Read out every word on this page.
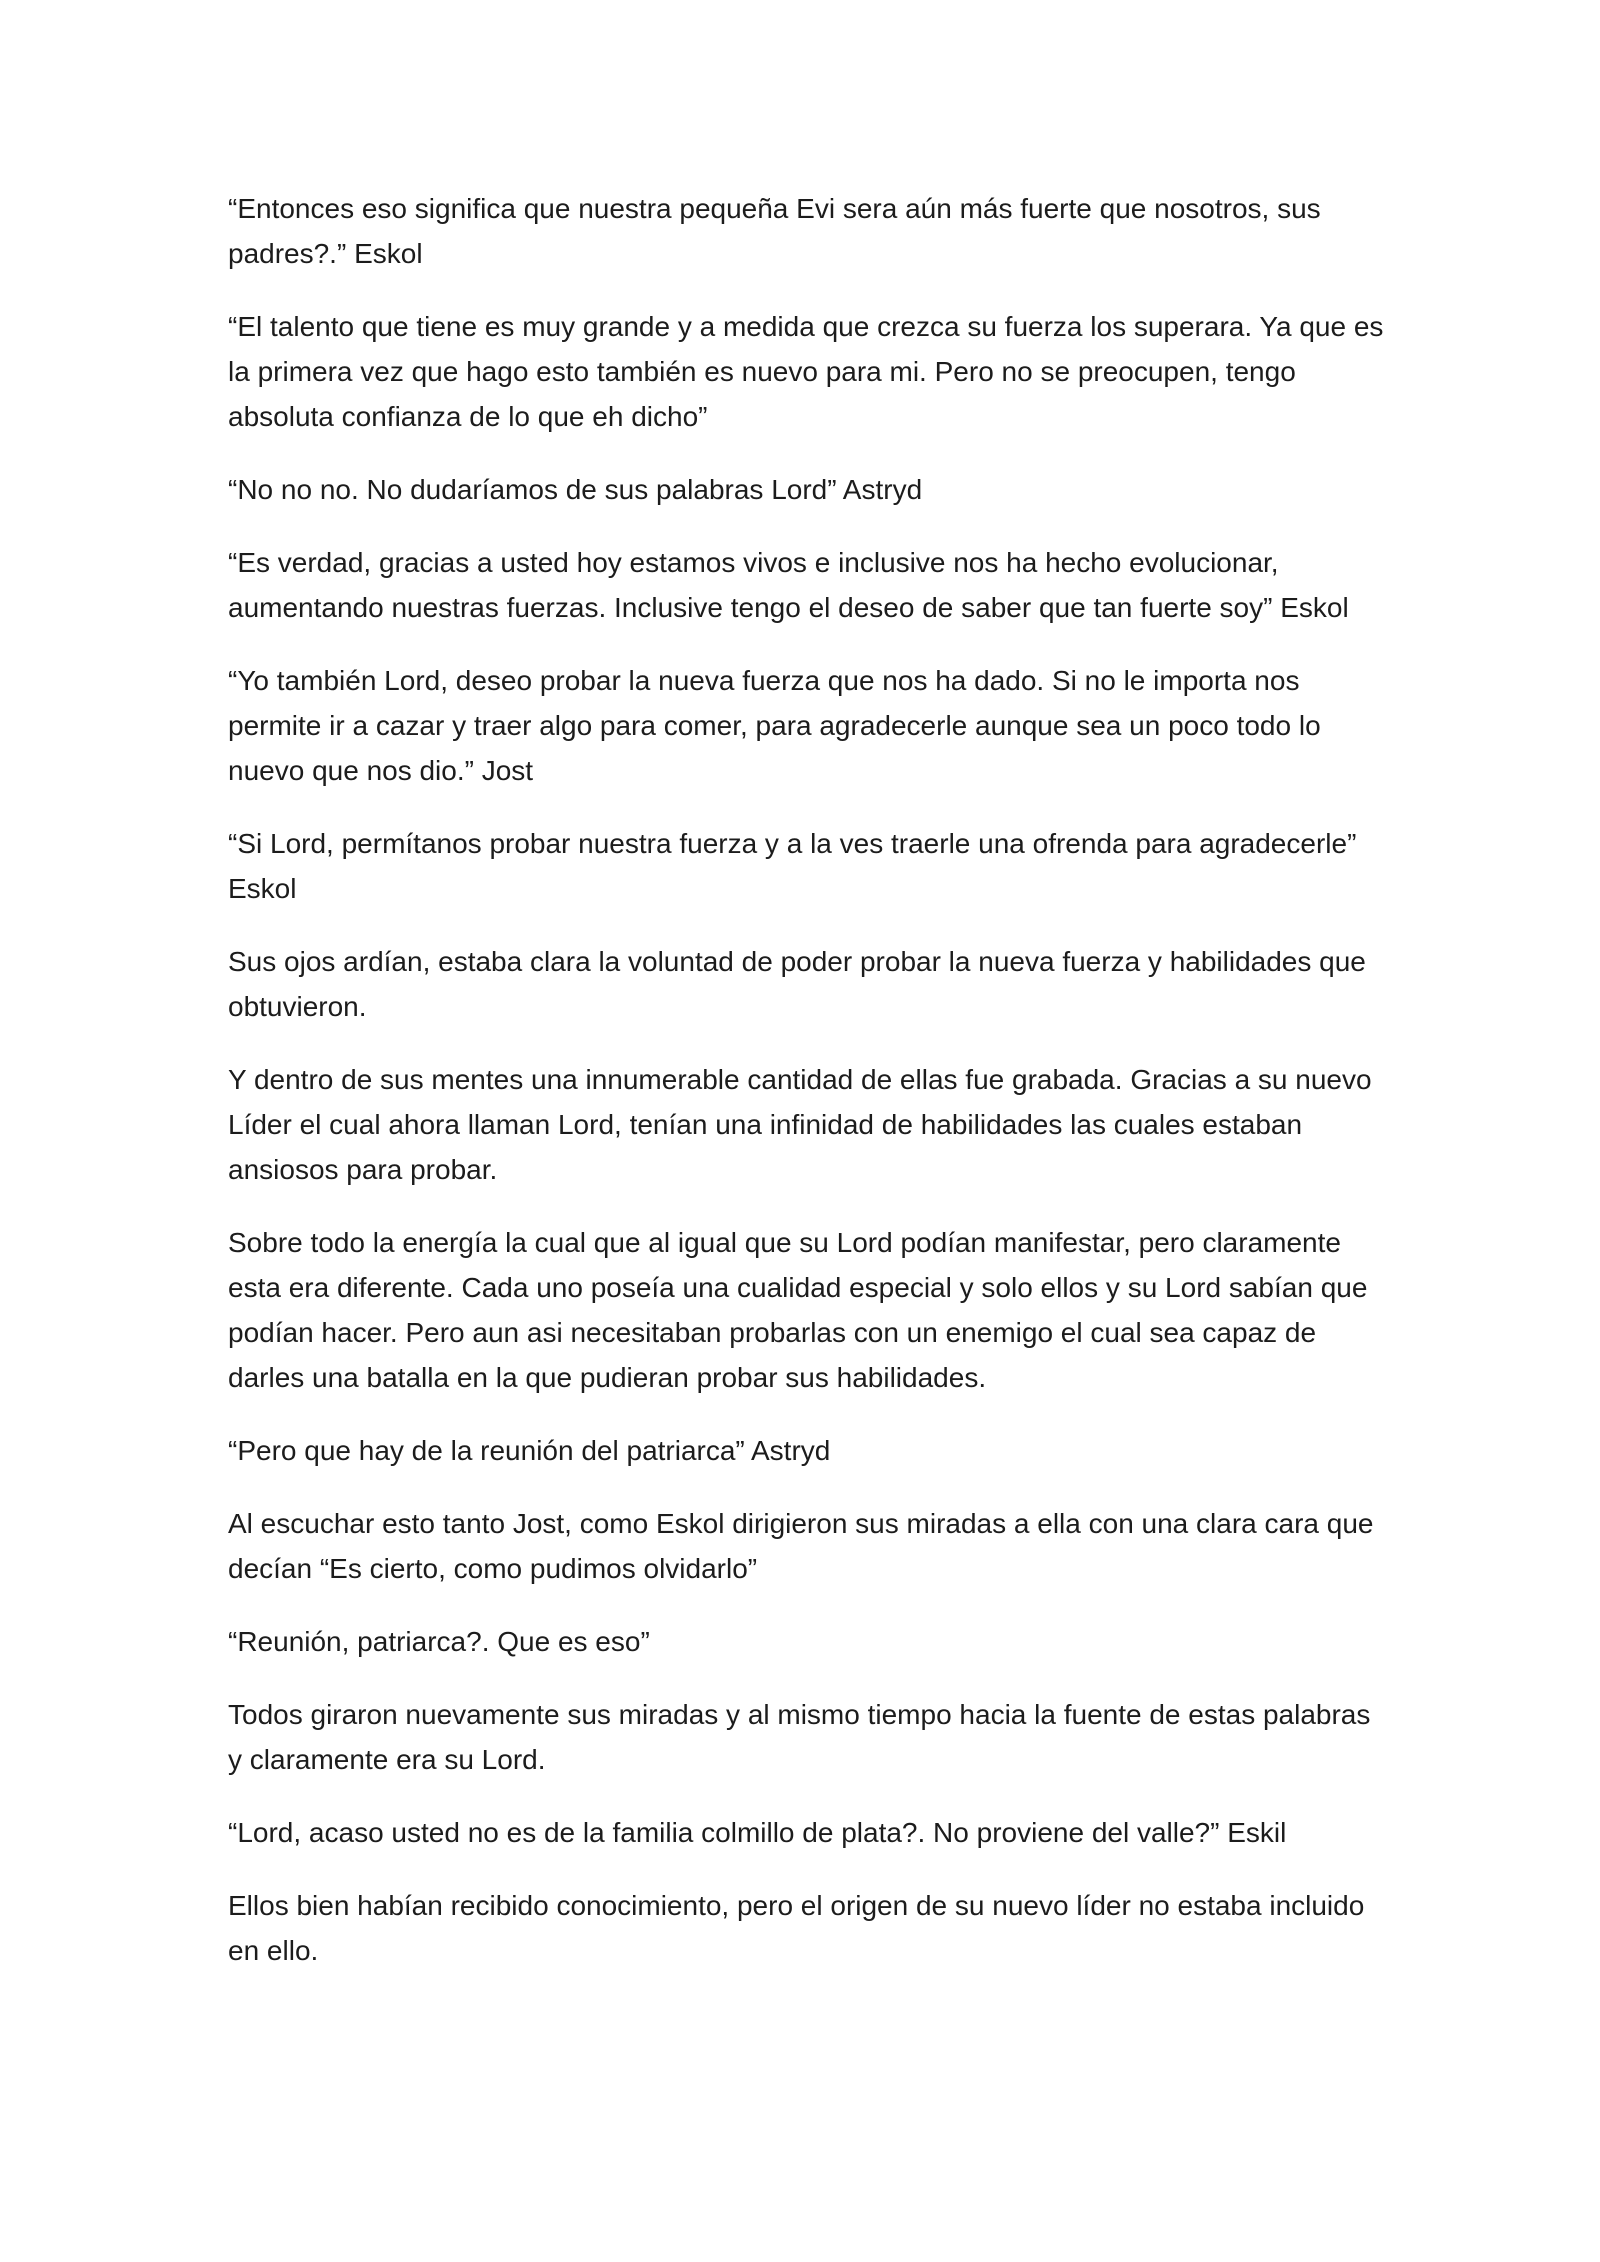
“Entonces eso significa que nuestra pequeña Evi sera aún más fuerte que nosotros, sus padres?.” Eskol

“El talento que tiene es muy grande y a medida que crezca su fuerza los superara. Ya que es la primera vez que hago esto también es nuevo para mi. Pero no se preocupen, tengo absoluta confianza de lo que eh dicho”

“No no no. No dudaríamos de sus palabras Lord” Astryd

“Es verdad, gracias a usted hoy estamos vivos e inclusive nos ha hecho evolucionar, aumentando nuestras fuerzas. Inclusive tengo el deseo de saber que tan fuerte soy” Eskol

“Yo también Lord, deseo probar la nueva fuerza que nos ha dado. Si no le importa nos permite ir a cazar y traer algo para comer, para agradecerle aunque sea un poco todo lo nuevo que nos dio.” Jost

“Si Lord, permítanos probar nuestra fuerza y a la ves traerle una ofrenda para agradecerle” Eskol

Sus ojos ardían, estaba clara la voluntad de poder probar la nueva fuerza y habilidades que obtuvieron.

Y dentro de sus mentes una innumerable cantidad de ellas fue grabada. Gracias a su nuevo Líder el cual ahora llaman Lord, tenían una infinidad de habilidades las cuales estaban ansiosos para probar.

Sobre todo la energía la cual que al igual que su Lord podían manifestar, pero claramente esta era diferente. Cada uno poseía una cualidad especial y solo ellos y su Lord sabían que podían hacer. Pero aun asi necesitaban probarlas con un enemigo el cual sea capaz de darles una batalla en la que pudieran probar sus habilidades.

“Pero que hay de la reunión del patriarca” Astryd

Al escuchar esto tanto Jost, como Eskol dirigieron sus miradas a ella con una clara cara que decían “Es cierto, como pudimos olvidarlo”

“Reunión, patriarca?. Que es eso”

Todos giraron nuevamente sus miradas y al mismo tiempo hacia la fuente de estas palabras y claramente era su Lord.

“Lord, acaso usted no es de la familia colmillo de plata?. No proviene del valle?” Eskil

Ellos bien habían recibido conocimiento, pero el origen de su nuevo líder no estaba incluido en ello.
